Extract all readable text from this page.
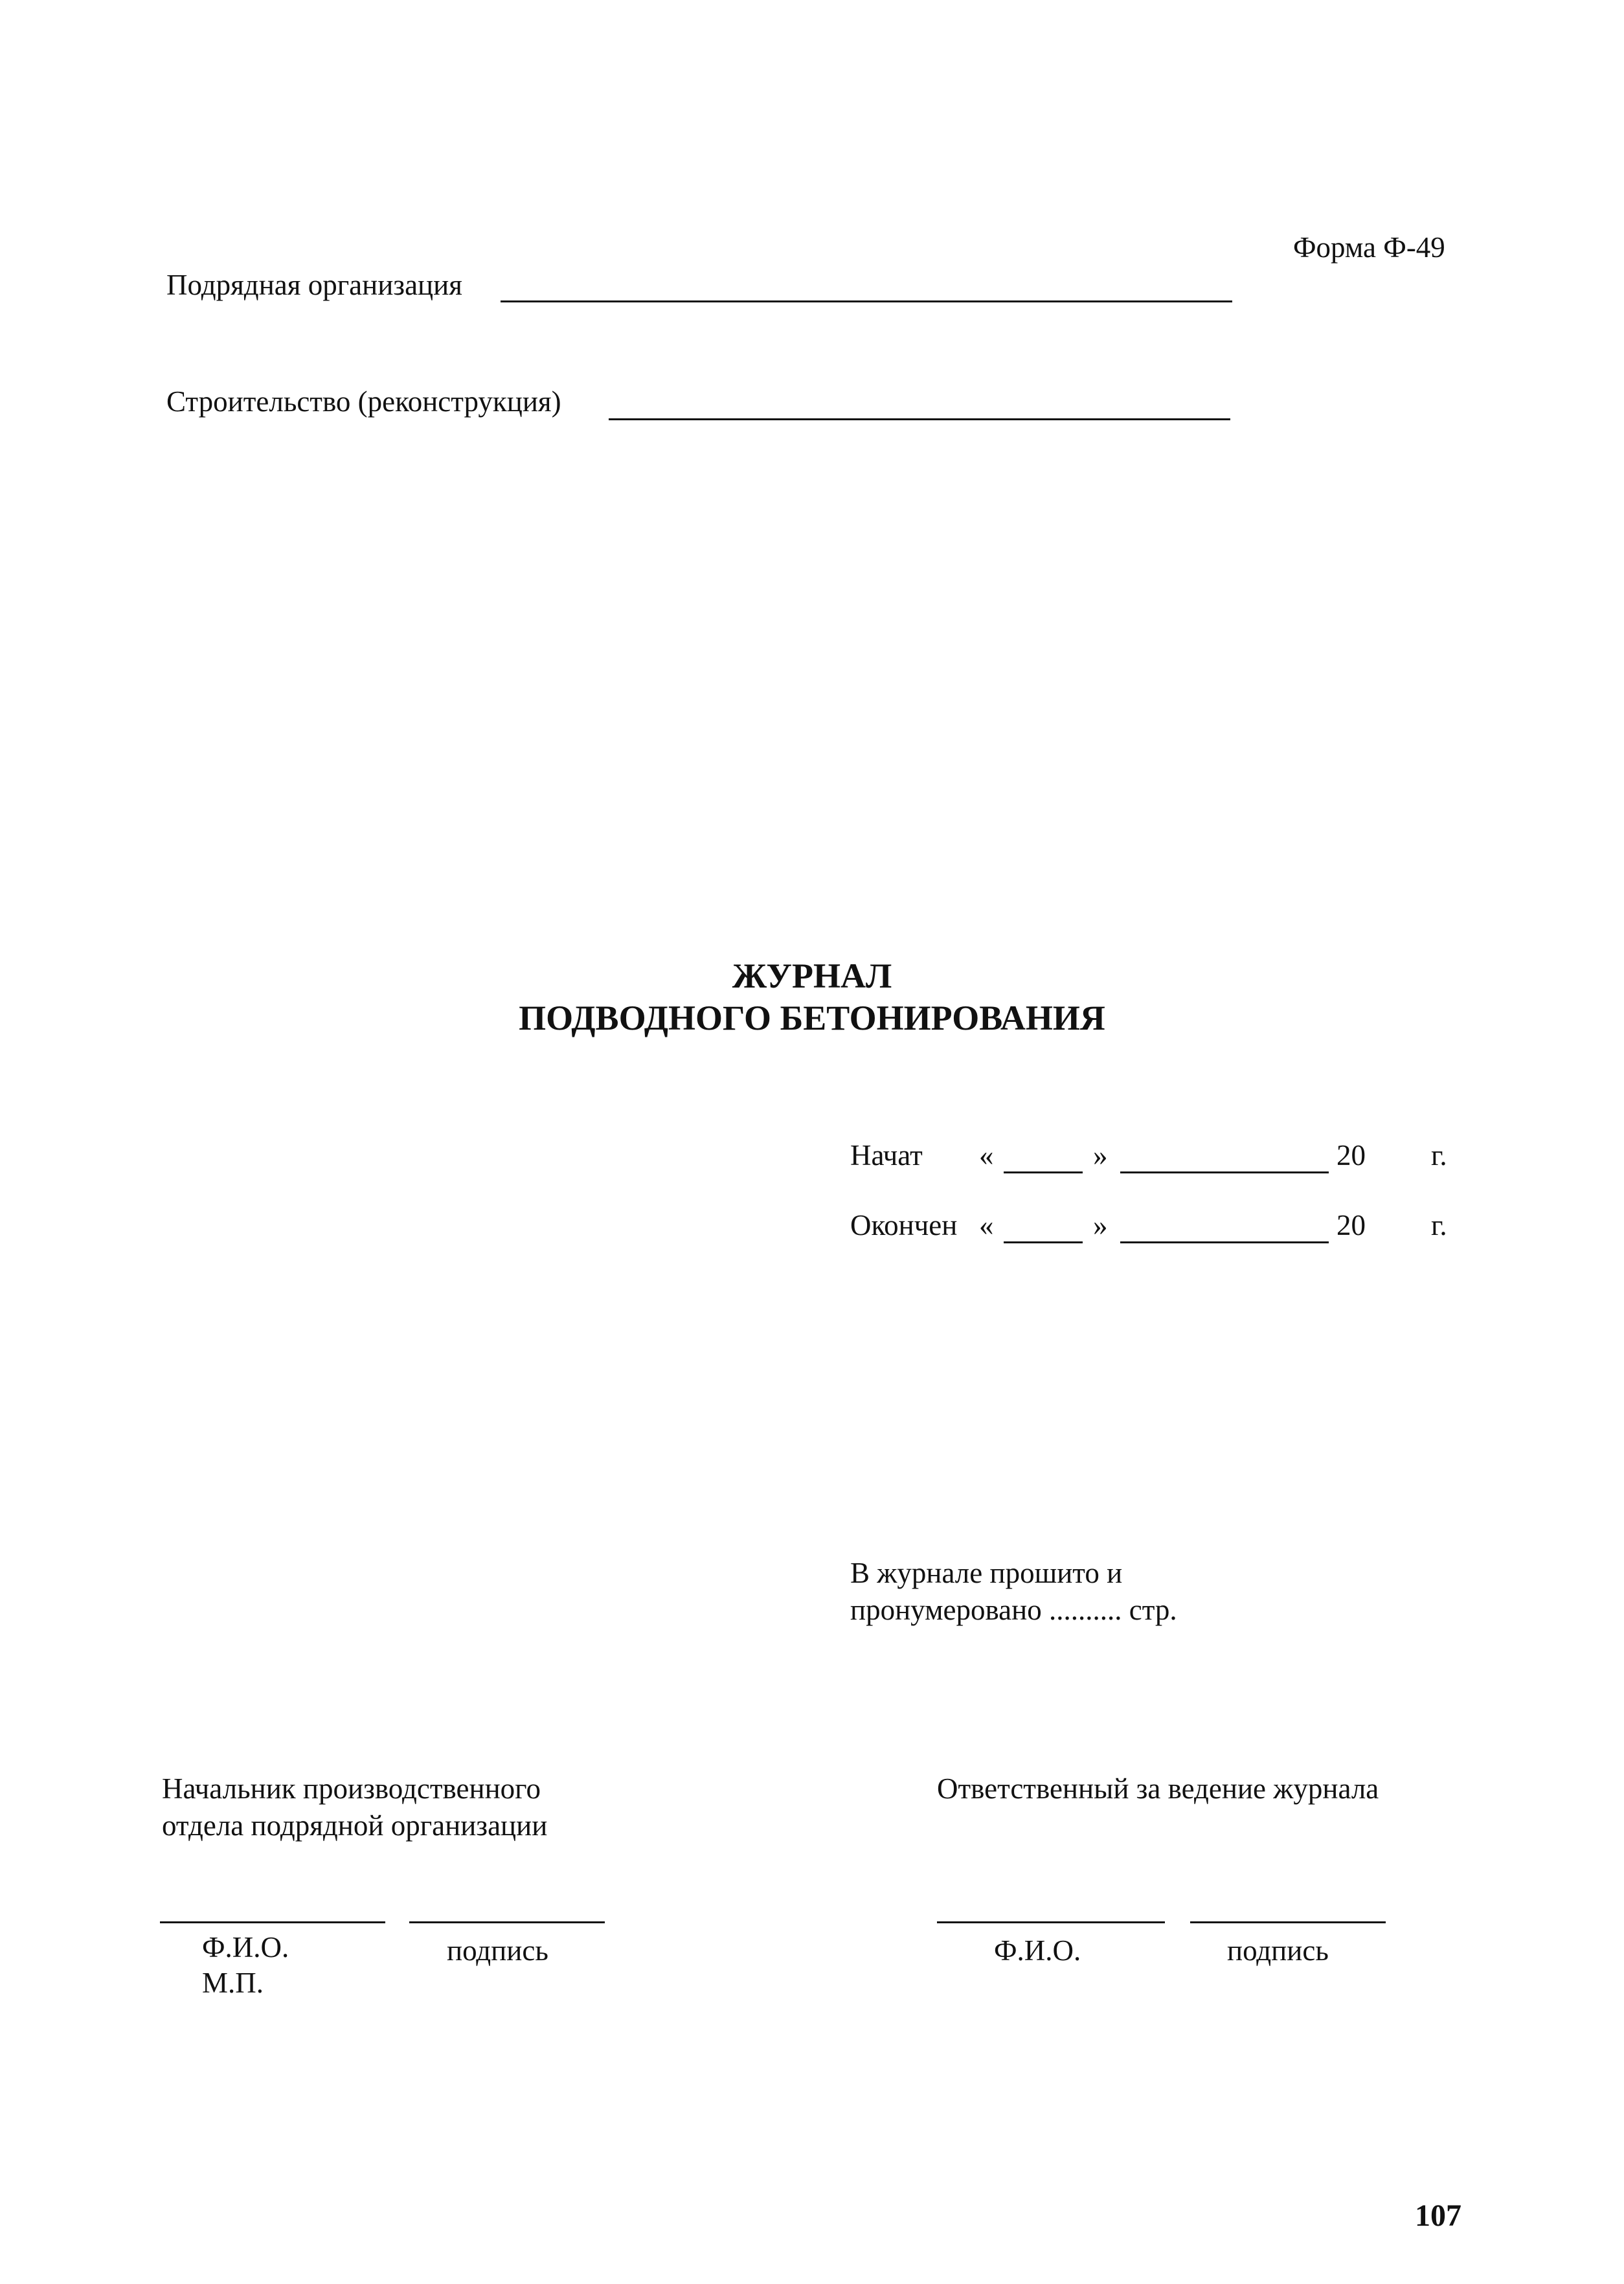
Форма Ф-49
Подрядная организация
Строительство (реконструкция)
ЖУРНАЛ
ПОДВОДНОГО БЕТОНИРОВАНИЯ
Начат «	»	20 г.
Окончен «	»	20 г.
В журнале прошито и
пронумеровано .......... стр.
Начальник производственного
отдела подрядной организации
Ф.И.О.	подпись
М.П.
Ответственный за ведение журнала
Ф.И.О.	подпись
107
